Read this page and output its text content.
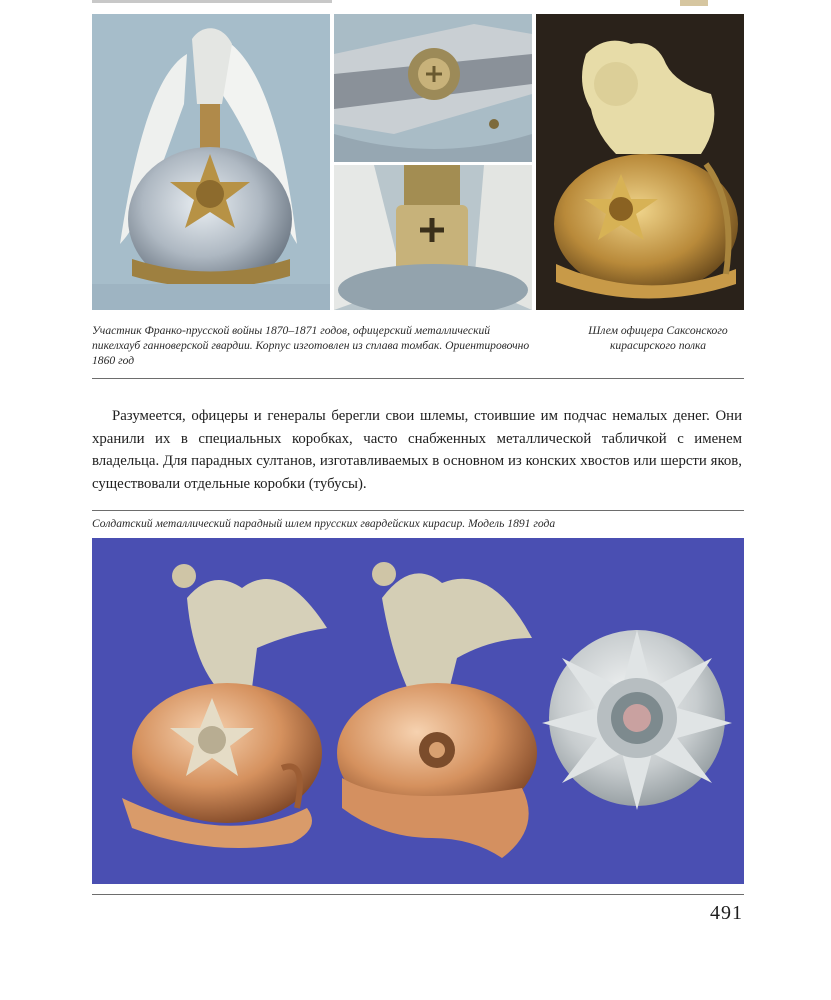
Участник Франко-прусской войны 1870–1871 годов, офицерский металлический пикелхауб ганноверской гвардии. Корпус изготовлен из сплава томбак. Ориентировочно 1860 год
Шлем офицера Саксонского кирасирского полка

Разумеется, офицеры и генералы берегли свои шлемы, стоившие им подчас немалых денег. Они хранили их в специальных коробках, часто снабженных металлической табличкой с именем владельца. Для парадных султанов, изготавливаемых в основном из конских хвостов или шерсти яков, существовали отдельные коробки (тубусы).

Солдатский металлический парадный шлем прусских гвардейских кирасир. Модель 1891 года
491
